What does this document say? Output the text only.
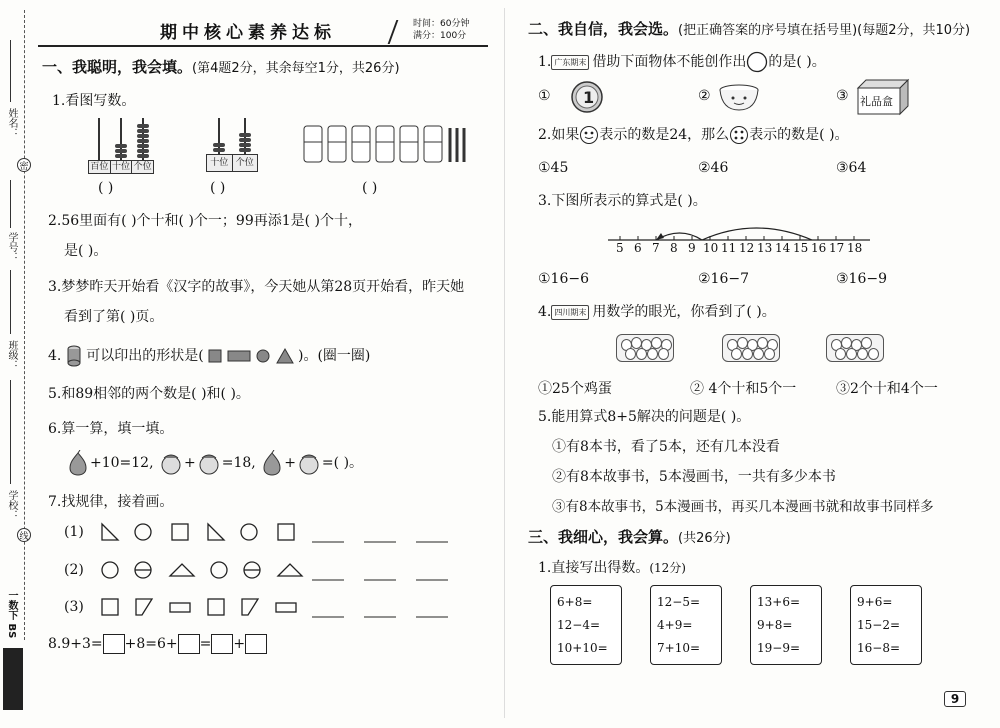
姓名：
密
学号：
班级：
学校：
线
一数下 BS
期中核心素养达标	时间：60分钟
满分：100分
一、我聪明，我会填。(第4题2分，其余每空1分，共26分)
1.看图写数。
百位 十位 个位
( )
十位 个位
( )	( )
2.56里面有( )个十和( )个一；99再添1是( )个十，
是( )。
3.梦梦昨天开始看《汉字的故事》，今天她从第28页开始看，昨天她
看到了第( )页。
4. 可以印出的形状是(	)。(圈一圈)
5.和89相邻的两个数是( )和( )。
6.算一算，填一填。
+10=12, + =18, + =( )。
7.找规律，接着画。
(1)
(2)
(3)
8.9+3= +8=6+ = +
二、我自信，我会选。(把正确答案的序号填在括号里)(每题2分，共10分)
1. 广东期末 借助下面物体不能创作出 的是( )。
① 1	②	③ 礼品盒
2.如果 表示的数是24，那么 表示的数是( )。
①45	②46	③64
3.下图所表示的算式是( )。
5 6 7 8 9 10 11 12 13 14 15 16 17 18
①16−6	②16−7	③16−9
4. 四川期末 用数学的眼光，你看到了( )。
①25个鸡蛋	② 4个十和5个一	③2个十和4个一
5.能用算式8+5解决的问题是( )。
①有8本书，看了5本，还有几本没看
②有8本故事书，5本漫画书，一共有多少本书
③有8本故事书，5本漫画书，再买几本漫画书就和故事书同样多
三、我细心，我会算。(共26分)
1.直接写出得数。(12分)
6+8=
12−4=
10+10=
12−5=
4+9=
7+10=
13+6=
9+8=
19−9=
9+6=
15−2=
16−8=
9
